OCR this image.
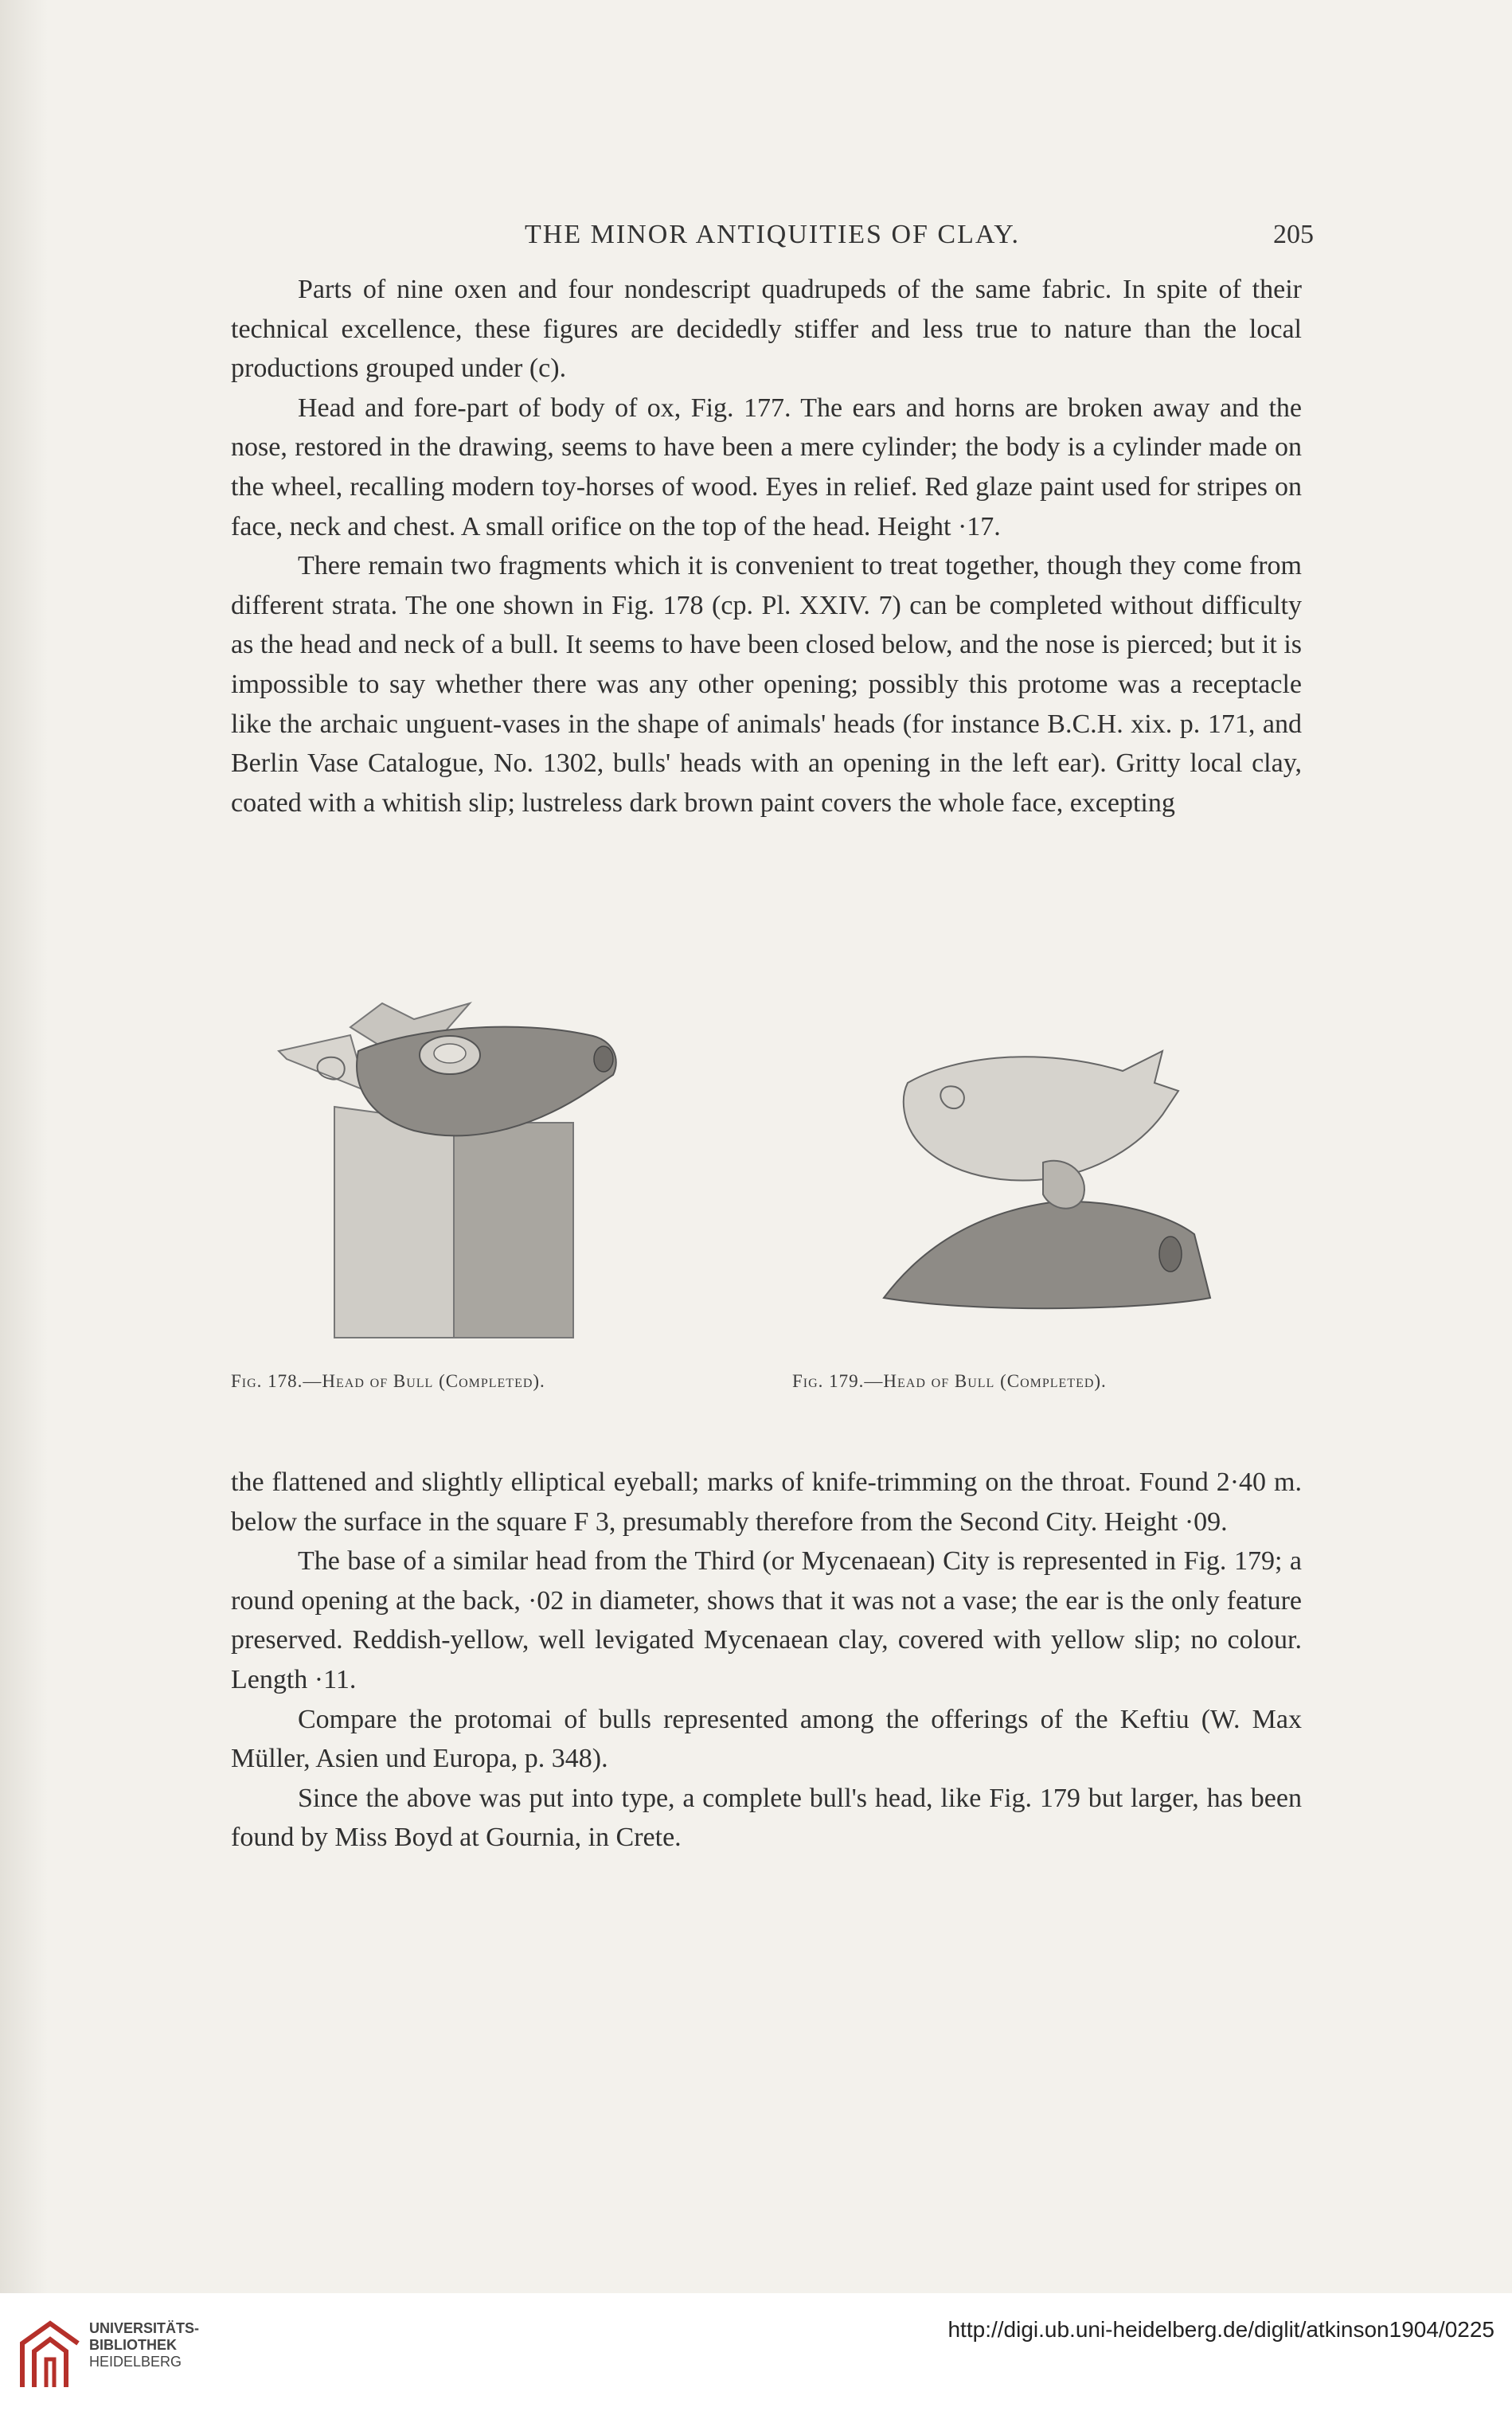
THE MINOR ANTIQUITIES OF CLAY.	205

Parts of nine oxen and four nondescript quadrupeds of the same fabric. In spite of their technical excellence, these figures are decidedly stiffer and less true to nature than the local productions grouped under (c).

Head and fore-part of body of ox, Fig. 177. The ears and horns are broken away and the nose, restored in the drawing, seems to have been a mere cylinder; the body is a cylinder made on the wheel, recalling modern toy-horses of wood. Eyes in relief. Red glaze paint used for stripes on face, neck and chest. A small orifice on the top of the head. Height ·17.

There remain two fragments which it is convenient to treat together, though they come from different strata. The one shown in Fig. 178 (cp. Pl. XXIV. 7) can be completed without difficulty as the head and neck of a bull. It seems to have been closed below, and the nose is pierced; but it is impossible to say whether there was any other opening; possibly this protome was a receptacle like the archaic unguent-vases in the shape of animals' heads (for instance B.C.H. xix. p. 171, and Berlin Vase Catalogue, No. 1302, bulls' heads with an opening in the left ear). Gritty local clay, coated with a whitish slip; lustreless dark brown paint covers the whole face, excepting

Fig. 178.—Head of Bull (Completed).	Fig. 179.—Head of Bull (Completed).

the flattened and slightly elliptical eyeball; marks of knife-trimming on the throat. Found 2·40 m. below the surface in the square F 3, presumably therefore from the Second City. Height ·09.

The base of a similar head from the Third (or Mycenaean) City is represented in Fig. 179; a round opening at the back, ·02 in diameter, shows that it was not a vase; the ear is the only feature preserved. Reddish-yellow, well levigated Mycenaean clay, covered with yellow slip; no colour. Length ·11.

Compare the protomai of bulls represented among the offerings of the Keftiu (W. Max Müller, Asien und Europa, p. 348).

Since the above was put into type, a complete bull's head, like Fig. 179 but larger, has been found by Miss Boyd at Gournia, in Crete.

UNIVERSITÄTS-
BIBLIOTHEK
HEIDELBERG
http://digi.ub.uni-heidelberg.de/diglit/atkinson1904/0225
